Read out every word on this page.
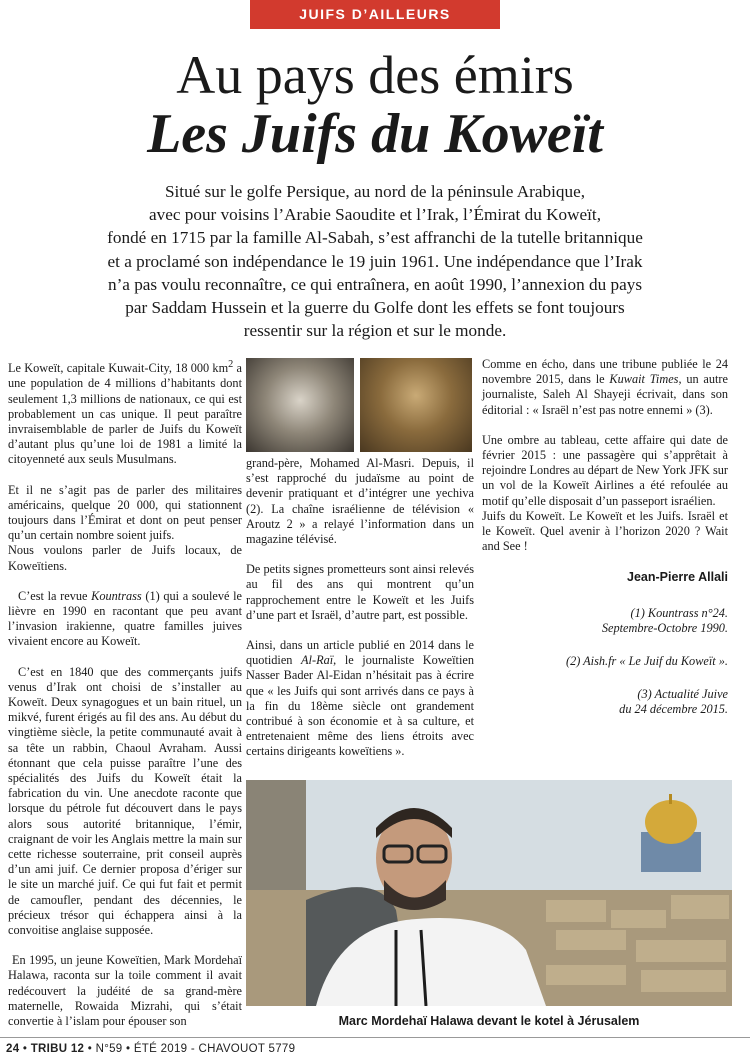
JUIFS D’AILLEURS
Au pays des émirs
Les Juifs du Koweït

Situé sur le golfe Persique, au nord de la péninsule Arabique,

avec pour voisins l’Arabie Saoudite et l’Irak, l’Émirat du Koweït,

fondé en 1715 par la famille Al-Sabah, s’est affranchi de la tutelle britannique

et a proclamé son indépendance le 19 juin 1961. Une indépendance que l’Irak

n’a pas voulu reconnaître, ce qui entraînera, en août 1990, l’annexion du pays

par Saddam Hussein et la guerre du Golfe dont les effets se font toujours

ressentir sur la région et sur le monde.

Le Koweït, capitale Kuwait-City, 18 000 $km^2$ a une population de 4 millions d’habitants dont seulement 1,3 millions de nationaux, ce qui est probablement un cas unique. Il peut paraître invraisemblable de parler de Juifs du Koweït d’autant plus qu’une loi de 1981 a limité la citoyenneté aux seuls Musulmans.

Et il ne s’agit pas de parler des militaires américains, quelque 20 000, qui stationnent toujours dans l’Émirat et dont on peut penser qu’un certain nombre soient juifs.

Nous voulons parler de Juifs locaux, de Koweïtiens.

C’est la revue Kountrass (1) qui a soulevé le lièvre en 1990 en racontant que peu avant l’invasion irakienne, quatre familles juives vivaient encore au Koweït.

C’est en 1840 que des commerçants juifs venus d’Irak ont choisi de s’installer au Koweït. Deux synagogues et un bain rituel, un mikvé, furent érigés au fil des ans. Au début du vingtième siècle, la petite communauté avait à sa tête un rabbin, Chaoul Avraham. Aussi étonnant que cela puisse paraître l’une des spécialités des Juifs du Koweït était la fabrication du vin. Une anecdote raconte que lorsque du pétrole fut découvert dans le pays alors sous autorité britannique, l’émir, craignant de voir les Anglais mettre la main sur cette richesse souterraine, prit conseil auprès d’un ami juif. Ce dernier proposa d’ériger sur le site un marché juif. Ce qui fut fait et permit de camoufler, pendant des décennies, le précieux trésor qui échappera ainsi à la convoitise anglaise supposée.

En 1995, un jeune Koweïtien, Mark Mordehaï Halawa, raconta sur la toile comment il avait redécouvert la judéité de sa grand-mère maternelle, Rowaida Mizrahi, qui s’était convertie à l’islam pour épouser son

grand-père, Mohamed Al-Masri. Depuis, il s’est rapproché du judaïsme au point de devenir pratiquant et d’intégrer une yechiva (2). La chaîne israélienne de télévision « Aroutz 2 » a relayé l’information dans un magazine télévisé.

De petits signes prometteurs sont ainsi relevés au fil des ans qui montrent qu’un rapprochement entre le Koweït et les Juifs d’une part et Israël, d’autre part, est possible.

Ainsi, dans un article publié en 2014 dans le quotidien Al-Raï, le journaliste Koweïtien Nasser Bader Al-Eidan n’hésitait pas à écrire que « les Juifs qui sont arrivés dans ce pays à la fin du 18ème siècle ont grandement contribué à son économie et à sa culture, et entretenaient même des liens étroits avec certains dirigeants koweïtiens ».

Comme en écho, dans une tribune publiée le 24 novembre 2015, dans le Kuwait Times, un autre journaliste, Saleh Al Shayeji écrivait, dans son éditorial : « Israël n’est pas notre ennemi » (3).

Une ombre au tableau, cette affaire qui date de février 2015 : une passagère qui s’apprêtait à rejoindre Londres au départ de New York JFK sur un vol de la Koweït Airlines a été refoulée au motif qu’elle disposait d’un passeport israélien.

Juifs du Koweït. Le Koweït et les Juifs. Israël et le Koweït. Quel avenir à l’horizon 2020 ? Wait and See !

Jean-Pierre Allali
(1) Kountrass n°24.
Septembre-Octobre 1990.
(2) Aish.fr « Le Juif du Koweït ».
(3) Actualité Juive
du 24 décembre 2015.
Marc Mordehaï Halawa devant le kotel à Jérusalem
24 • TRIBU 12 • N°59 • ÉTÉ 2019 - CHAVOUOT 5779
